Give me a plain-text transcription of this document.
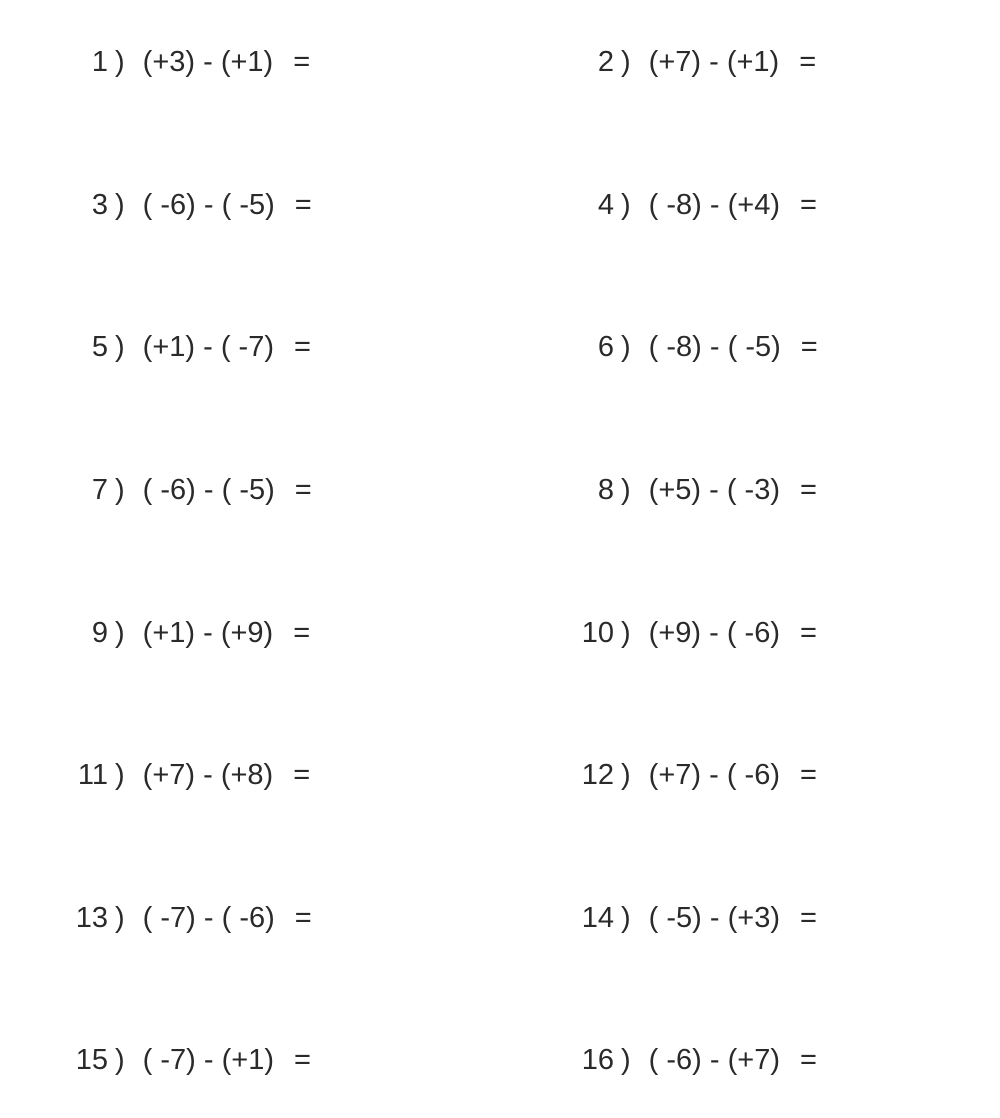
1 ) (+3) - (+1) =	2 ) (+7) - (+1) =
3 ) ( -6) - ( -5) =	4 ) ( -8) - (+4) =
5 ) (+1) - ( -7) =	6 ) ( -8) - ( -5) =
7 ) ( -6) - ( -5) =	8 ) (+5) - ( -3) =
9 ) (+1) - (+9) =	10 ) (+9) - ( -6) =
11 ) (+7) - (+8) =	12 ) (+7) - ( -6) =
13 ) ( -7) - ( -6) =	14 ) ( -5) - (+3) =
15 ) ( -7) - (+1) =	16 ) ( -6) - (+7) =
